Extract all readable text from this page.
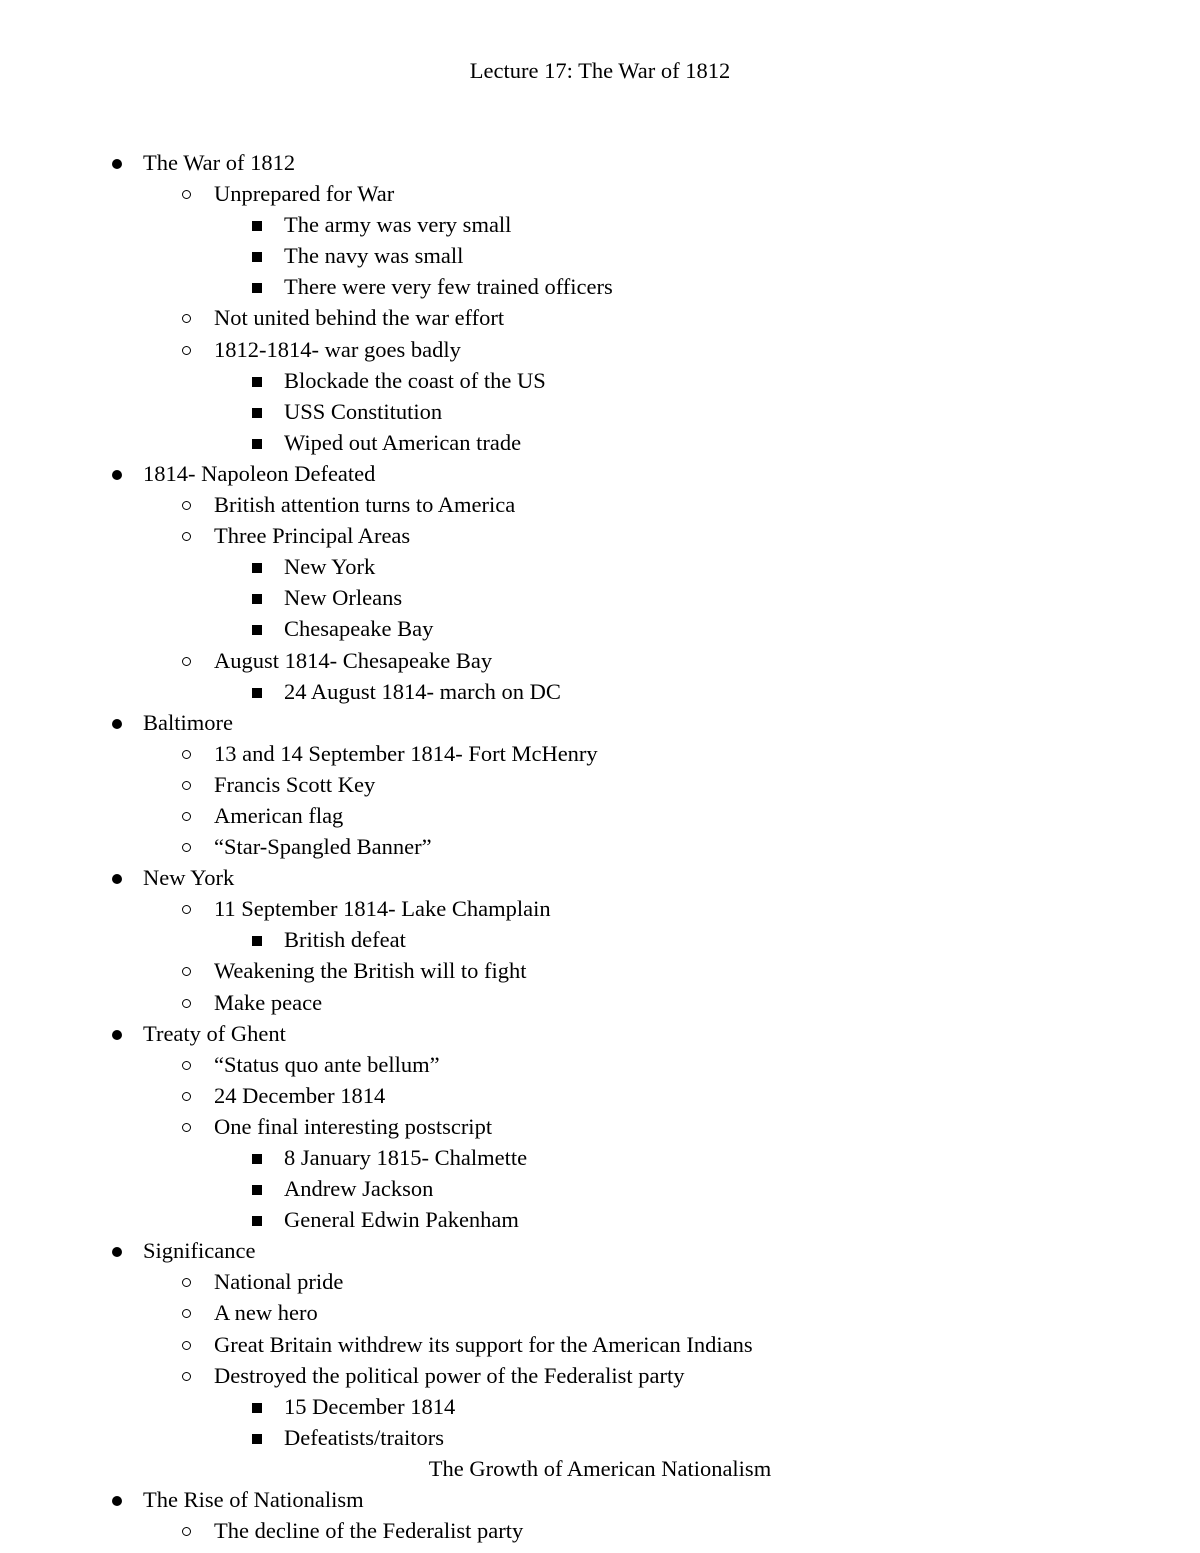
Lecture 17: The War of 1812
The War of 1812
Unprepared for War
The army was very small
The navy was small
There were very few trained officers
Not united behind the war effort
1812-1814- war goes badly
Blockade the coast of the US
USS Constitution
Wiped out American trade
1814- Napoleon Defeated
British attention turns to America
Three Principal Areas
New York
New Orleans
Chesapeake Bay
August 1814- Chesapeake Bay
24 August 1814- march on DC
Baltimore
13 and 14 September 1814- Fort McHenry
Francis Scott Key
American flag
“Star-Spangled Banner”
New York
11 September 1814- Lake Champlain
British defeat
Weakening the British will to fight
Make peace
Treaty of Ghent
“Status quo ante bellum”
24 December 1814
One final interesting postscript
8 January 1815- Chalmette
Andrew Jackson
General Edwin Pakenham
Significance
National pride
A new hero
Great Britain withdrew its support for the American Indians
Destroyed the political power of the Federalist party
15 December 1814
Defeatists/traitors
The Growth of American Nationalism
The Rise of Nationalism
The decline of the Federalist party
